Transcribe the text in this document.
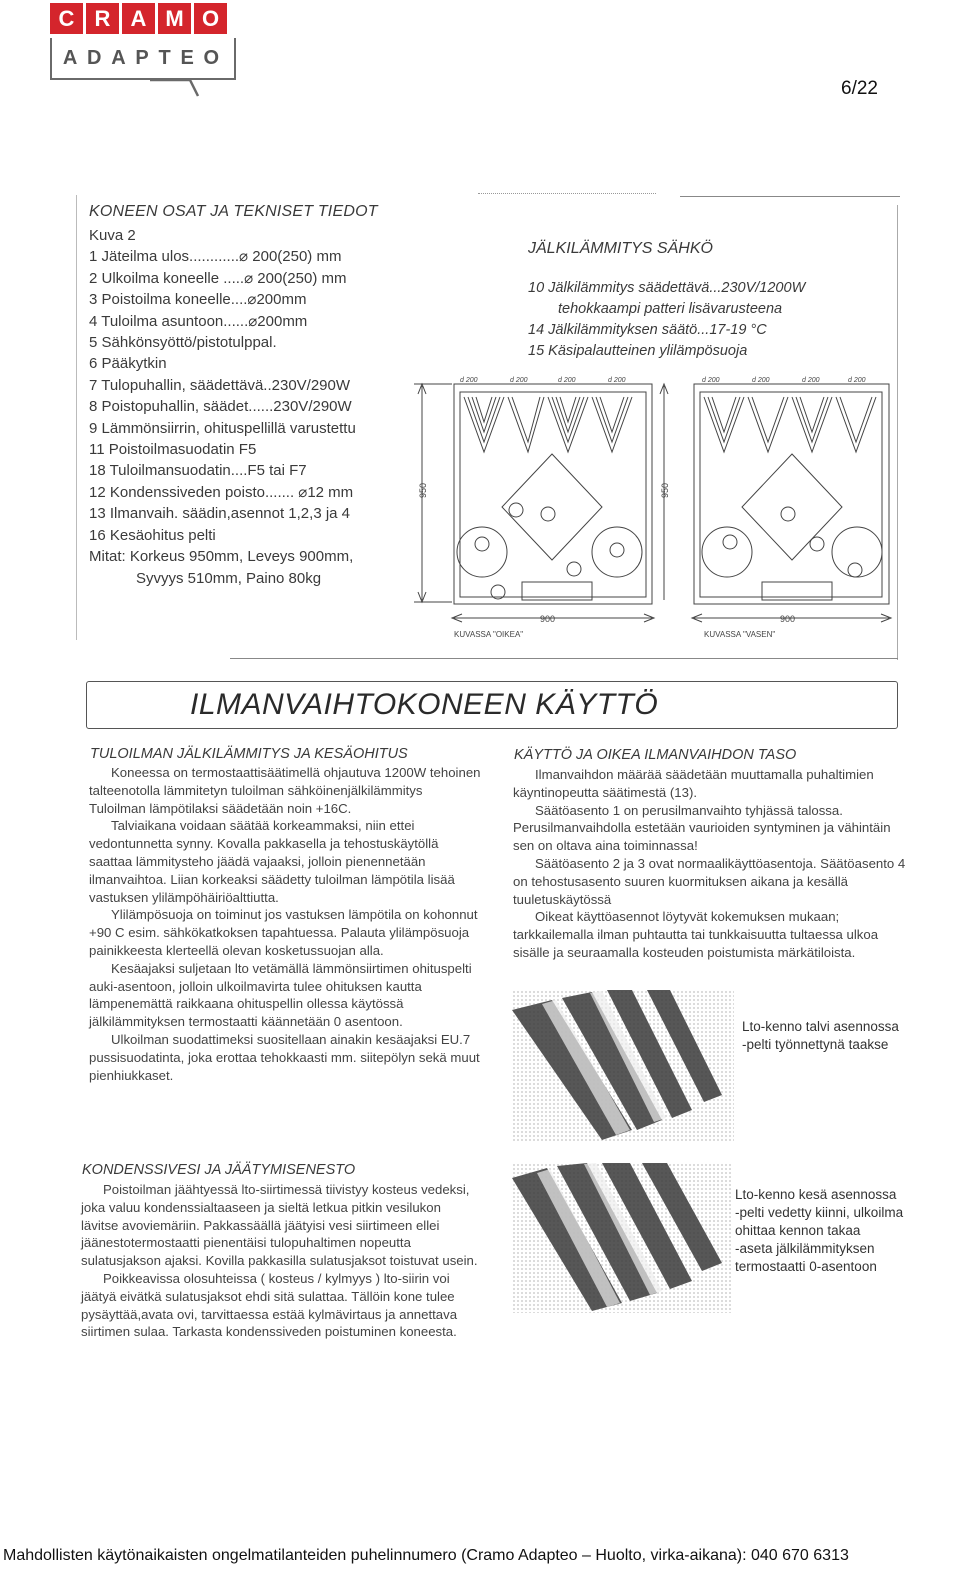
C R A M O
A D A P T E O
6/22
KONEEN OSAT JA TEKNISET TIEDOT
Kuva 2
1 Jäteilma ulos............⌀ 200(250) mm
2 Ulkoilma koneelle .....⌀ 200(250) mm
3 Poistoilma koneelle....⌀200mm
4 Tuloilma asuntoon......⌀200mm
5 Sähkönsyöttö/pistotulppal.
6 Pääkytkin
7 Tulopuhallin, säädettävä..230V/290W
8 Poistopuhallin, säädet......230V/290W
9 Lämmönsiirrin, ohituspellillä varustettu
11 Poistoilmasuodatin F5
18 Tuloilmansuodatin....F5 tai F7
12 Kondenssiveden poisto....... ⌀12 mm
13 Ilmanvaih. säädin,asennot 1,2,3 ja 4
16 Kesäohitus pelti
Mitat: Korkeus 950mm, Leveys 900mm,
Syvyys 510mm, Paino 80kg
JÄLKILÄMMITYS SÄHKÖ
10 Jälkilämmitys säädettävä...230V/1200W
tehokkaampi patteri lisävarusteena
14 Jälkilämmityksen säätö...17-19 °C
15 Käsipalautteinen ylilämpösuoja
d 200	d 200	d 200	d 200	d 200	d 200	d 200	d 200
950	950
900	900
KUVASSA "OIKEA"	KUVASSA "VASEN"
ILMANVAIHTOKONEEN KÄYTTÖ
TULOILMAN JÄLKILÄMMITYS JA KESÄOHITUS

Koneessa on termostaattisäätimellä ohjautuva 1200W tehoinen talteenotolla lämmitetyn tuloilman sähköinenjälkilämmitys

Tuloilman lämpötilaksi säädetään noin +16C.

Talviaikana voidaan säätää korkeammaksi, niin ettei vedontunnetta synny. Kovalla pakkasella ja tehostuskäytöllä saattaa lämmitysteho jäädä vajaaksi, jolloin pienennetään ilmanvaihtoa. Liian korkeaksi säädetty tuloilman lämpötila lisää vastuksen ylilämpöhäiriöalttiutta.

Ylilämpösuoja on toiminut jos vastuksen lämpötila on kohonnut +90 C esim. sähkökatkoksen tapahtuessa. Palauta ylilämpösuoja painikkeesta klerteellä olevan kosketussuojan alla.

Kesäajaksi suljetaan lto vetämällä lämmönsiirtimen ohituspelti auki-asentoon, jolloin ulkoilmavirta tulee ohituksen kautta lämpenemättä raikkaana ohituspellin ollessa käytössä jälkilämmityksen termostaatti käännetään 0 asentoon.

Ulkoilman suodattimeksi suositellaan ainakin kesäajaksi EU.7 pussisuodatinta, joka erottaa tehokkaasti mm. siitepölyn sekä muut pienhiukkaset.

KONDENSSIVESI JA JÄÄTYMISENESTO

Poistoilman jäähtyessä lto-siirtimessä tiivistyy kosteus vedeksi, joka valuu kondenssialtaaseen ja sieltä letkua pitkin vesilukon lävitse avoviemäriin. Pakkassäällä jäätyisi vesi siirtimeen ellei jäänestotermostaatti pienentäisi tulopuhaltimen nopeutta sulatusjakson ajaksi. Kovilla pakkasilla sulatusjaksot toistuvat usein.

Poikkeavissa olosuhteissa ( kosteus / kylmyys ) lto-siirin voi jäätyä eivätkä sulatusjaksot ehdi sitä sulattaa. Tällöin kone tulee pysäyttää,avata ovi, tarvittaessa estää kylmävirtaus ja annettava siirtimen sulaa. Tarkasta kondenssiveden poistuminen koneesta.

KÄYTTÖ JA OIKEA ILMANVAIHDON TASO

Ilmanvaihdon määrää säädetään muuttamalla puhaltimien käyntinopeutta säätimestä (13).

Säätöasento 1 on perusilmanvaihto tyhjässä talossa. Perusilmanvaihdolla estetään vaurioiden syntyminen ja vähintäin sen on oltava aina toiminnassa!

Säätöasento 2 ja 3 ovat normaalikäyttöasentoja. Säätöasento 4 on tehostusasento suuren kuormituksen aikana ja kesällä tuuletuskäytössä

Oikeat käyttöasennot löytyvät kokemuksen mukaan; tarkkailemalla ilman puhtautta tai tunkkaisuutta tultaessa ulkoa sisälle ja seuraamalla kosteuden poistumista märkätiloista.

Lto-kenno talvi asennossa
-pelti työnnettynä taakse
Lto-kenno kesä asennossa
-pelti vedetty kiinni, ulkoilma
ohittaa kennon takaa
-aseta jälkilämmityksen
termostaatti 0-asentoon
Mahdollisten käytönaikaisten ongelmatilanteiden puhelinnumero (Cramo Adapteo – Huolto, virka-aikana): 040 670 6313
